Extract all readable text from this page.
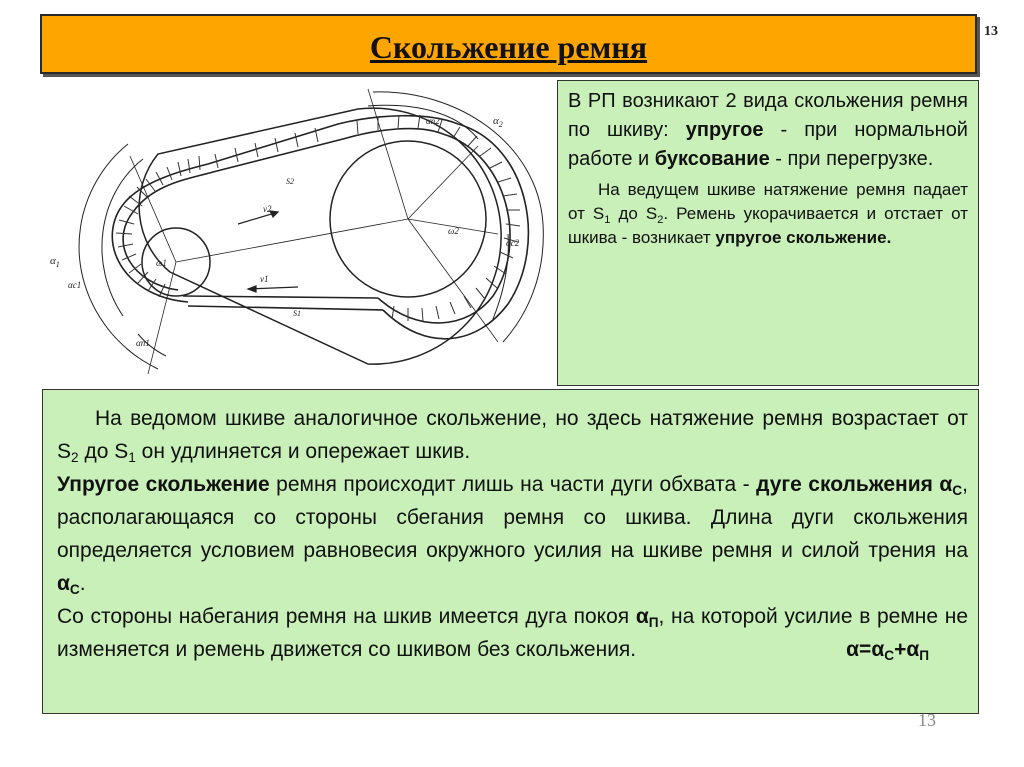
Скольжение ремня	13
$\alpha_1$
αc1
αп1
$\alpha_2$
αc2
αп2
ω1
ω2
v1
v2
S1
S2

В РП возникают 2 вида скольжения ремня по шкиву: упругое - при нормальной работе и буксование - при перегрузке.

На ведущем шкиве натяжение ремня падает от $S_1$ до $S_2$. Ремень укорачивается и отстает от шкива - возникает упругое скольжение.

На ведомом шкиве аналогичное скольжение, но здесь натяжение ремня возрастает от $S_2$ до $S_1$ он удлиняется и опережает шкив.

Упругое скольжение ремня происходит лишь на части дуги обхвата - дуге скольжения $\alpha_С$, располагающаяся со стороны сбегания ремня со шкива. Длина дуги скольжения определяется условием равновесия окружного усилия на шкиве ремня и силой трения на $\alpha_С$.

Со стороны набегания ремня на шкив имеется дуга покоя $\alpha_П$, на которой усилие в ремне не изменяется и ремень движется со шкивом без скольжения.	$\alpha=\alpha_С+\alpha_П$

13
